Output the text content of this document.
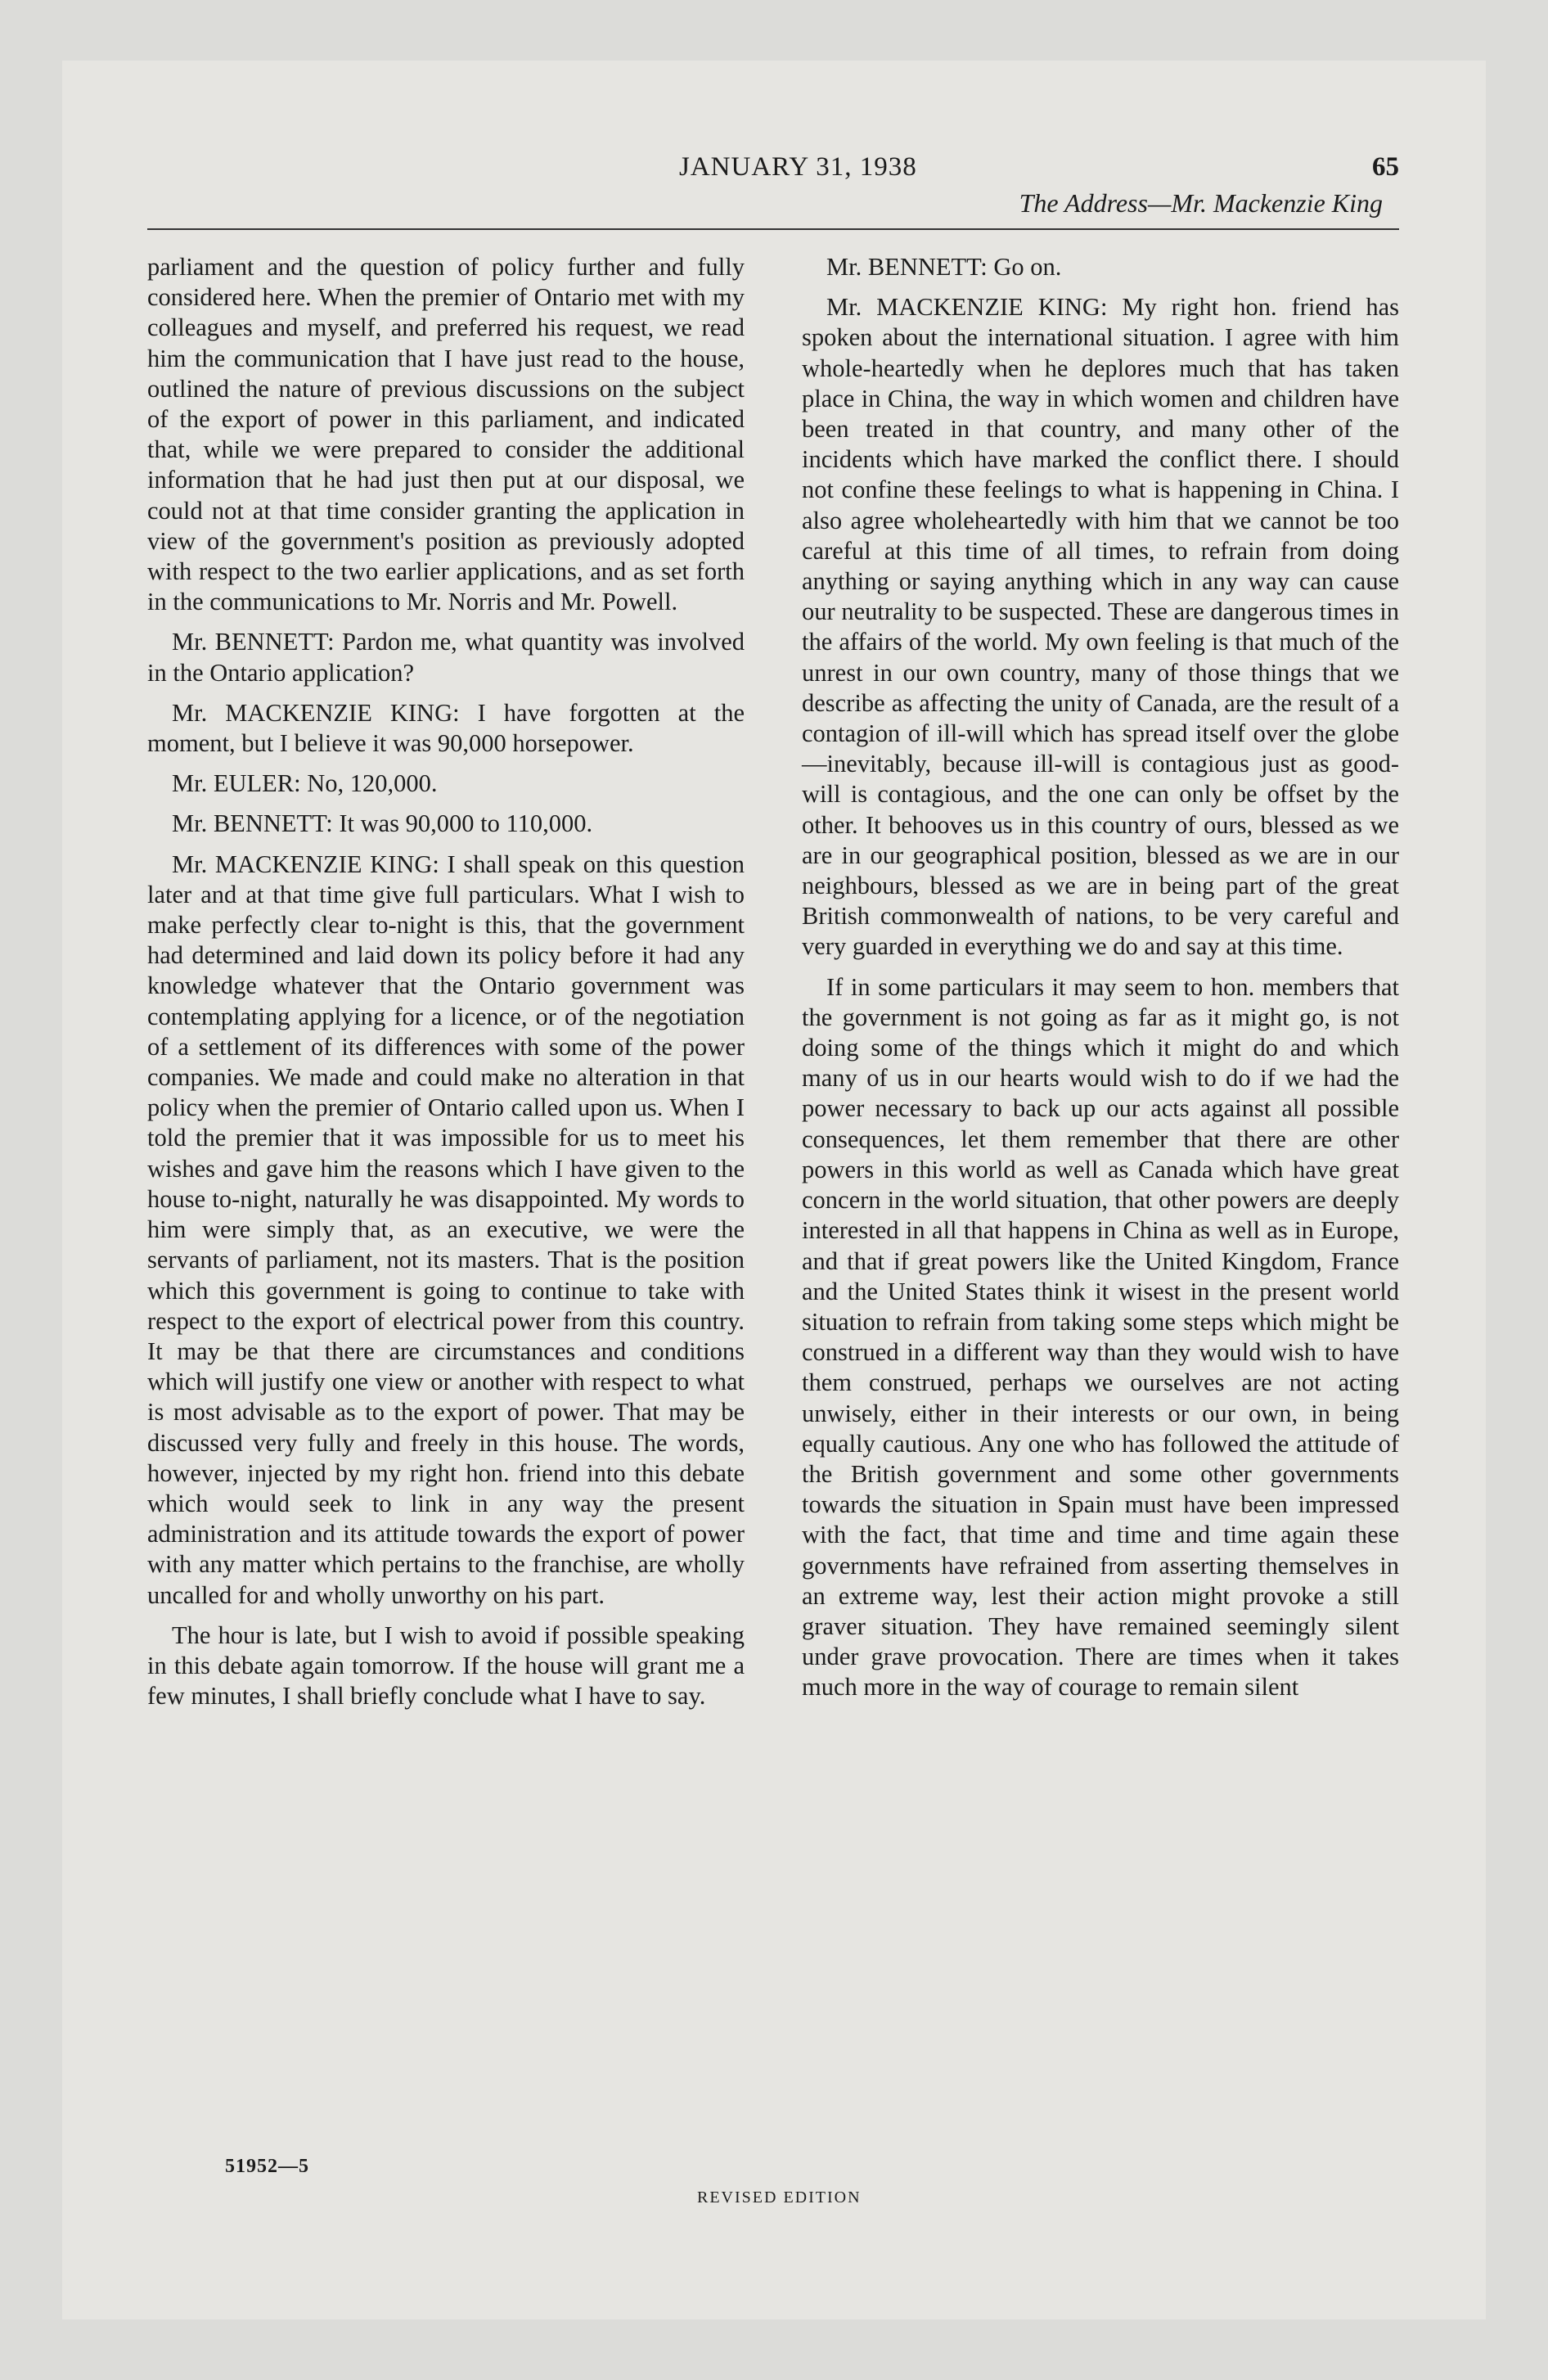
JANUARY 31, 1938	65
The Address—Mr. Mackenzie King

parliament and the question of policy further and fully considered here. When the premier of Ontario met with my colleagues and myself, and preferred his request, we read him the communication that I have just read to the house, outlined the nature of previous discussions on the subject of the export of power in this parliament, and indicated that, while we were prepared to consider the additional information that he had just then put at our disposal, we could not at that time consider granting the application in view of the government's position as previously adopted with respect to the two earlier applications, and as set forth in the communications to Mr. Norris and Mr. Powell.

Mr. BENNETT: Pardon me, what quantity was involved in the Ontario application?

Mr. MACKENZIE KING: I have forgotten at the moment, but I believe it was 90,000 horsepower.

Mr. EULER: No, 120,000.

Mr. BENNETT: It was 90,000 to 110,000.

Mr. MACKENZIE KING: I shall speak on this question later and at that time give full particulars. What I wish to make perfectly clear to-night is this, that the government had determined and laid down its policy before it had any knowledge whatever that the Ontario government was contemplating applying for a licence, or of the negotiation of a settlement of its differences with some of the power companies. We made and could make no alteration in that policy when the premier of Ontario called upon us. When I told the premier that it was impossible for us to meet his wishes and gave him the reasons which I have given to the house to-night, naturally he was disappointed. My words to him were simply that, as an executive, we were the servants of parliament, not its masters. That is the position which this government is going to continue to take with respect to the export of electrical power from this country. It may be that there are circumstances and conditions which will justify one view or another with respect to what is most advisable as to the export of power. That may be discussed very fully and freely in this house. The words, however, injected by my right hon. friend into this debate which would seek to link in any way the present administration and its attitude towards the export of power with any matter which pertains to the franchise, are wholly uncalled for and wholly unworthy on his part.

The hour is late, but I wish to avoid if possible speaking in this debate again tomorrow. If the house will grant me a few minutes, I shall briefly conclude what I have to say.

Mr. BENNETT: Go on.

Mr. MACKENZIE KING: My right hon. friend has spoken about the international situation. I agree with him whole-heartedly when he deplores much that has taken place in China, the way in which women and children have been treated in that country, and many other of the incidents which have marked the conflict there. I should not confine these feelings to what is happening in China. I also agree wholeheartedly with him that we cannot be too careful at this time of all times, to refrain from doing anything or saying anything which in any way can cause our neutrality to be suspected. These are dangerous times in the affairs of the world. My own feeling is that much of the unrest in our own country, many of those things that we describe as affecting the unity of Canada, are the result of a contagion of ill-will which has spread itself over the globe—inevitably, because ill-will is contagious just as good-will is contagious, and the one can only be offset by the other. It behooves us in this country of ours, blessed as we are in our geographical position, blessed as we are in our neighbours, blessed as we are in being part of the great British commonwealth of nations, to be very careful and very guarded in everything we do and say at this time.

If in some particulars it may seem to hon. members that the government is not going as far as it might go, is not doing some of the things which it might do and which many of us in our hearts would wish to do if we had the power necessary to back up our acts against all possible consequences, let them remember that there are other powers in this world as well as Canada which have great concern in the world situation, that other powers are deeply interested in all that happens in China as well as in Europe, and that if great powers like the United Kingdom, France and the United States think it wisest in the present world situation to refrain from taking some steps which might be construed in a different way than they would wish to have them construed, perhaps we ourselves are not acting unwisely, either in their interests or our own, in being equally cautious. Any one who has followed the attitude of the British government and some other governments towards the situation in Spain must have been impressed with the fact, that time and time and time again these governments have refrained from asserting themselves in an extreme way, lest their action might provoke a still graver situation. They have remained seemingly silent under grave provocation. There are times when it takes much more in the way of courage to remain silent

51952—5
REVISED EDITION
